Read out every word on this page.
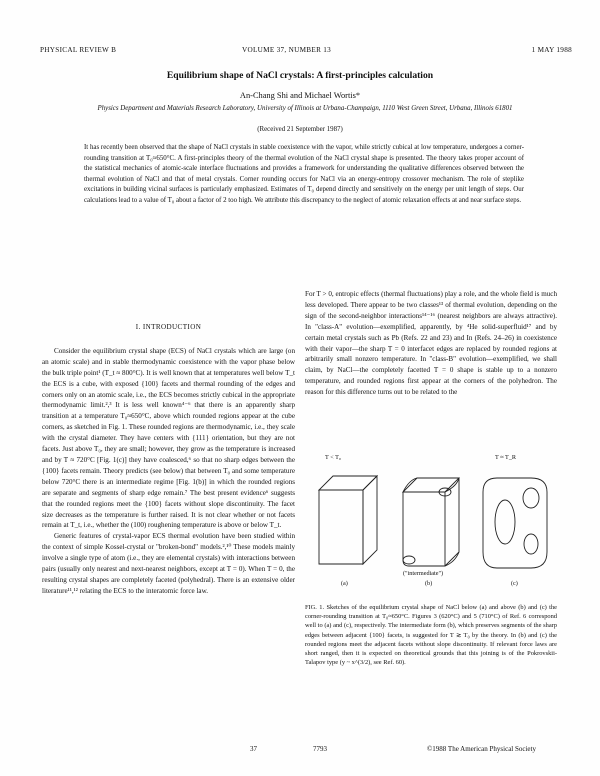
PHYSICAL REVIEW B	VOLUME 37, NUMBER 13	1 MAY 1988
Equilibrium shape of NaCl crystals: A first-principles calculation
An-Chang Shi and Michael Wortis*
Physics Department and Materials Research Laboratory, University of Illinois at Urbana-Champaign, 1110 West Green Street, Urbana, Illinois 61801
(Received 21 September 1987)
It has recently been observed that the shape of NaCl crystals in stable coexistence with the vapor, while strictly cubical at low temperature, undergoes a corner-rounding transition at T₀≈650°C. A first-principles theory of the thermal evolution of the NaCl crystal shape is presented. The theory takes proper account of the statistical mechanics of atomic-scale interface fluctuations and provides a framework for understanding the qualitative differences observed between the thermal evolution of NaCl and that of metal crystals. Corner rounding occurs for NaCl via an energy-entropy crossover mechanism. The role of steplike excitations in building vicinal surfaces is particularly emphasized. Estimates of T₀ depend directly and sensitively on the energy per unit length of steps. Our calculations lead to a value of T₀ about a factor of 2 too high. We attribute this discrepancy to the neglect of atomic relaxation effects at and near surface steps.

I. INTRODUCTION

Consider the equilibrium crystal shape (ECS) of NaCl crystals which are large (on an atomic scale) and in stable thermodynamic coexistence with the vapor phase below the bulk triple point¹ (T_t ≈ 800°C). It is well known that at temperatures well below T_t the ECS is a cube, with exposed {100} facets and thermal rounding of the edges and corners only on an atomic scale, i.e., the ECS becomes strictly cubical in the appropriate thermodynamic limit.²,³ It is less well known⁴⁻⁶ that there is an apparently sharp transition at a temperature T₀≈650°C, above which rounded regions appear at the cube corners, as sketched in Fig. 1. These rounded regions are thermodynamic, i.e., they scale with the crystal diameter. They have centers with {111} orientation, but they are not facets. Just above T₀, they are small; however, they grow as the temperature is increased and by T ≈ 720°C [Fig. 1(c)] they have coalesced,⁶ so that no sharp edges between the {100} facets remain. Theory predicts (see below) that between T₀ and some temperature below 720°C there is an intermediate regime [Fig. 1(b)] in which the rounded regions are separate and segments of sharp edge remain.⁷ The best present evidence⁶ suggests that the rounded regions meet the {100} facets without slope discontinuity. The facet size decreases as the temperature is further raised. It is not clear whether or not facets remain at T_t, i.e., whether the (100) roughening temperature is above or below T_t.

Generic features of crystal-vapor ECS thermal evolution have been studied within the context of simple Kossel-crystal or "broken-bond" models.²,¹⁰ These models mainly involve a single type of atom (i.e., they are elemental crystals) with interactions between pairs (usually only nearest and next-nearest neighbors, except at T = 0). When T = 0, the resulting crystal shapes are completely faceted (polyhedral). There is an extensive older literature¹¹,¹² relating the ECS to the interatomic force law.

For T > 0, entropic effects (thermal fluctuations) play a role, and the whole field is much less developed. There appear to be two classes¹³ of thermal evolution, depending on the sign of the second-neighbor interactions¹⁴⁻¹⁶ (nearest neighbors are always attractive). In "class-A" evolution—exemplified, apparently, by ⁴He solid-superfluid¹⁷ and by certain metal crystals such as Pb (Refs. 22 and 23) and In (Refs. 24–26) in coexistence with their vapor—the sharp T = 0 interfacet edges are replaced by rounded regions at arbitrarily small nonzero temperature. In "class-B" evolution—exemplified, we shall claim, by NaCl—the completely facetted T = 0 shape is stable up to a nonzero temperature, and rounded regions first appear at the corners of the polyhedron. The reason for this difference turns out to be related to the

T < T₀	T ≈ T_R
("intermediate")
(a)	(b)	(c)
FIG. 1. Sketches of the equilibrium crystal shape of NaCl below (a) and above (b) and (c) the corner-rounding transition at T₀≈650°C. Figures 3 (620°C) and 5 (710°C) of Ref. 6 correspond well to (a) and (c), respectively. The intermediate form (b), which preserves segments of the sharp edges between adjacent {100} facets, is suggested for T ≳ T₀ by the theory. In (b) and (c) the rounded regions meet the adjacent facets without slope discontinuity. If relevant force laws are short ranged, then it is expected on theoretical grounds that this joining is of the Pokrovskii-Talapov type (y ~ x^(3/2), see Ref. 60).
37	7793	©1988 The American Physical Society
